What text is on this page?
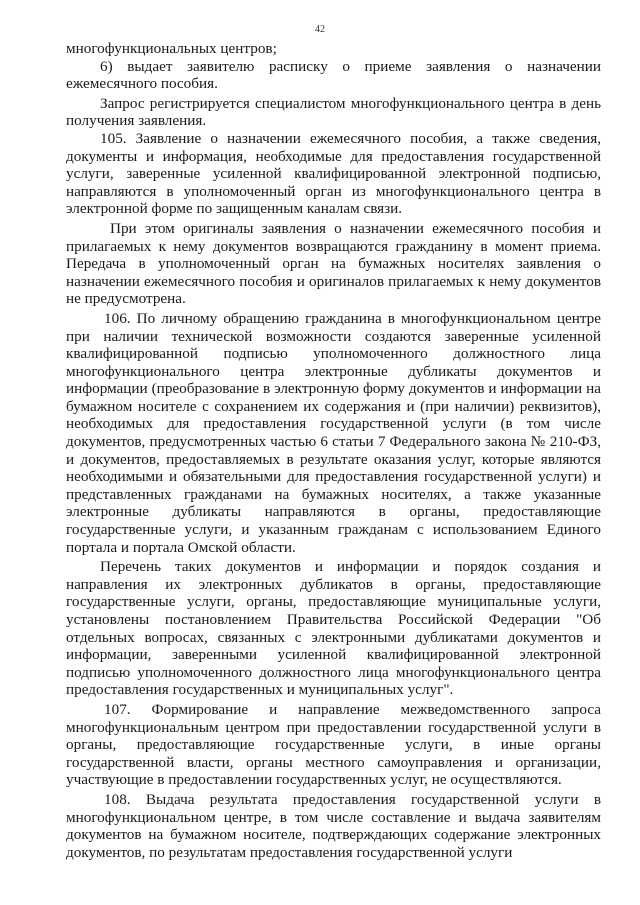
42

многофункциональных центров;

6) выдает заявителю расписку о приеме заявления о назначении ежемесячного пособия.

Запрос регистрируется специалистом многофункционального центра в день получения заявления.

105. Заявление о назначении ежемесячного пособия, а также сведения, документы и информация, необходимые для предоставления государственной услуги, заверенные усиленной квалифицированной электронной подписью, направляются в уполномоченный орган из многофункционального центра в электронной форме по защищенным каналам связи.

При этом оригиналы заявления о назначении ежемесячного пособия и прилагаемых к нему документов возвращаются гражданину в момент приема. Передача в уполномоченный орган на бумажных носителях заявления о назначении ежемесячного пособия и оригиналов прилагаемых к нему документов не предусмотрена.

106. По личному обращению гражданина в многофункциональном центре при наличии технической возможности создаются заверенные усиленной квалифицированной подписью уполномоченного должностного лица многофункционального центра электронные дубликаты документов и информации (преобразование в электронную форму документов и информации на бумажном носителе с сохранением их содержания и (при наличии) реквизитов), необходимых для предоставления государственной услуги (в том числе документов, предусмотренных частью 6 статьи 7 Федерального закона № 210-ФЗ, и документов, предоставляемых в результате оказания услуг, которые являются необходимыми и обязательными для предоставления государственной услуги) и представленных гражданами на бумажных носителях, а также указанные электронные дубликаты направляются в органы, предоставляющие государственные услуги, и указанным гражданам с использованием Единого портала и портала Омской области.

Перечень таких документов и информации и порядок создания и направления их электронных дубликатов в органы, предоставляющие государственные услуги, органы, предоставляющие муниципальные услуги, установлены постановлением Правительства Российской Федерации "Об отдельных вопросах, связанных с электронными дубликатами документов и информации, заверенными усиленной квалифицированной электронной подписью уполномоченного должностного лица многофункционального центра предоставления государственных и муниципальных услуг".

107. Формирование и направление межведомственного запроса многофункциональным центром при предоставлении государственной услуги в органы, предоставляющие государственные услуги, в иные органы государственной власти, органы местного самоуправления и организации, участвующие в предоставлении государственных услуг, не осуществляются.

108. Выдача результата предоставления государственной услуги в многофункциональном центре, в том числе составление и выдача заявителям документов на бумажном носителе, подтверждающих содержание электронных документов, по результатам предоставления государственной услуги
